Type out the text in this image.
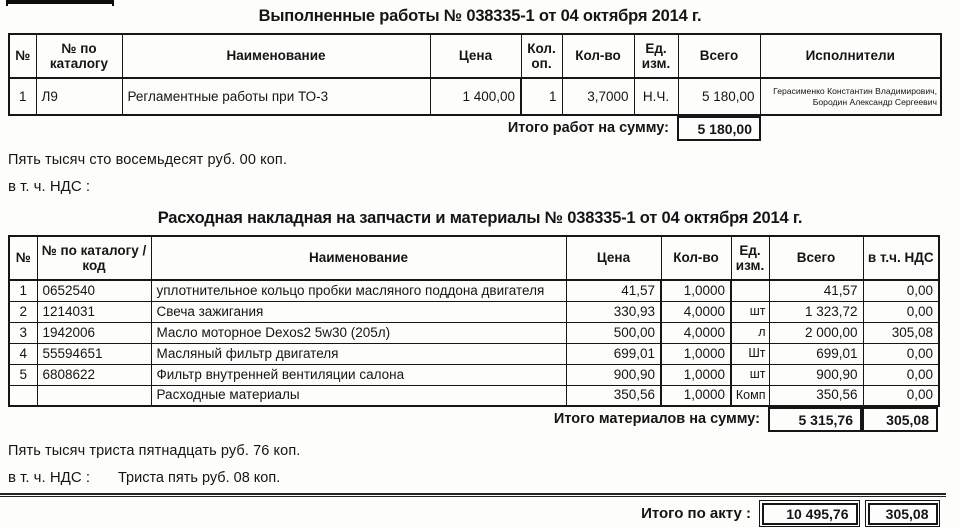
Выполненные работы № 038335-1 от 04 октября 2014 г.
№	№ по каталогу	Наименование	Цена	Кол. оп.	Кол-во	Ед. изм.	Всего	Исполнители
1	Л9	Регламентные работы при ТО-3	1 400,00	1	3,7000	Н.Ч.	5 180,00	Герасименко Константин Владимирович, Бородин Александр Сергеевич
Итого работ на сумму:	5 180,00
Пять тысяч сто восемьдесят руб. 00 коп.
в т. ч. НДС :
Расходная накладная на запчасти и материалы № 038335-1 от 04 октября 2014 г.
№	№ по каталогу / код	Наименование	Цена	Кол-во	Ед. изм.	Всего	в т.ч. НДС
1	0652540	уплотнительное кольцо пробки масляного поддона двигателя	41,57	1,0000		41,57	0,00
2	1214031	Свеча зажигания	330,93	4,0000	шт	1 323,72	0,00
3	1942006	Масло моторное Dexos2 5w30 (205л)	500,00	4,0000	л	2 000,00	305,08
4	55594651	Масляный фильтр двигателя	699,01	1,0000	Шт	699,01	0,00
5	6808622	Фильтр внутренней вентиляции салона	900,90	1,0000	шт	900,90	0,00
		Расходные материалы	350,56	1,0000	Комп	350,56	0,00
Итого материалов на сумму:	5 315,76	305,08
Пять тысяч триста пятнадцать руб. 76 коп.
в т. ч. НДС : Триста пять руб. 08 коп.
Итого по акту :	10 495,76	305,08
